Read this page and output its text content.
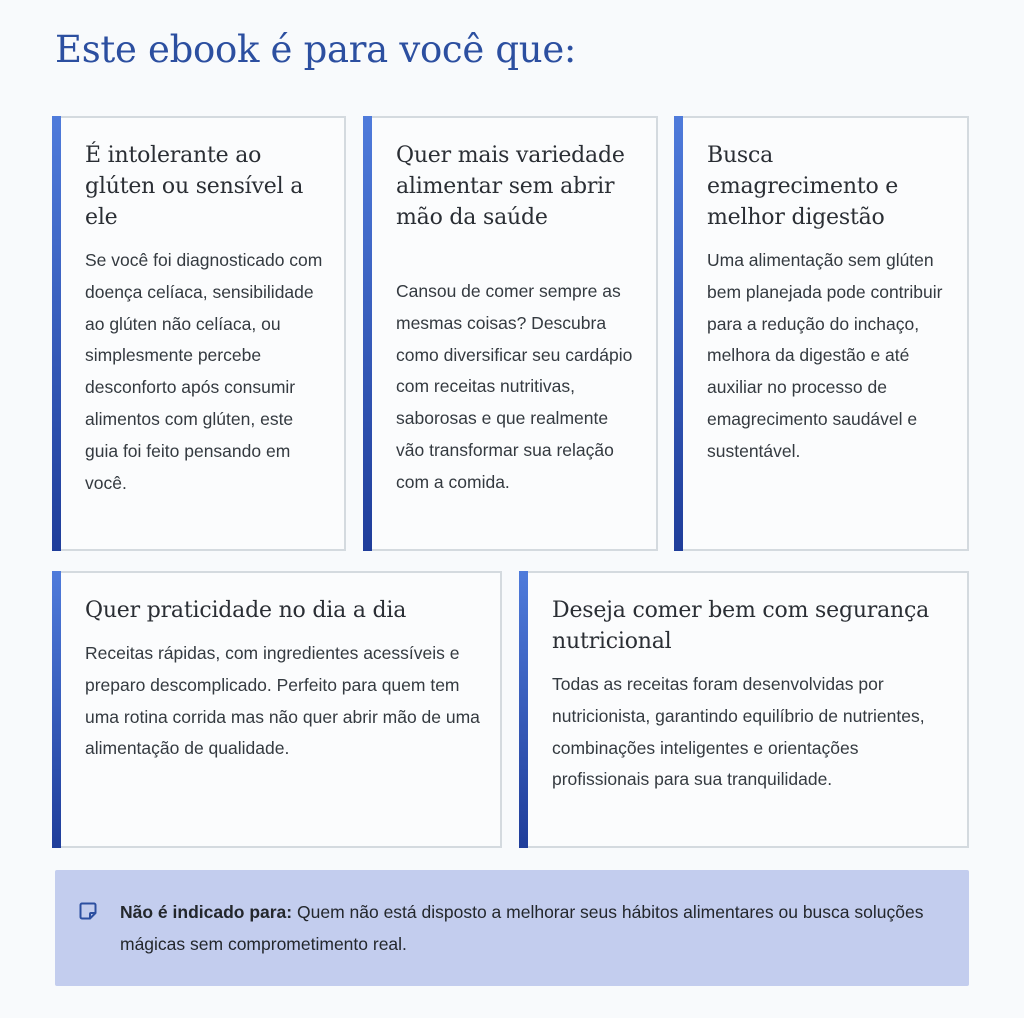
Este ebook é para você que:
É intolerante ao glúten ou sensível a ele

Se você foi diagnosticado com doença celíaca, sensibilidade ao glúten não celíaca, ou simplesmente percebe desconforto após consumir alimentos com glúten, este guia foi feito pensando em você.

Quer mais variedade alimentar sem abrir mão da saúde

Cansou de comer sempre as mesmas coisas? Descubra como diversificar seu cardápio com receitas nutritivas, saborosas e que realmente vão transformar sua relação com a comida.

Busca emagrecimento e melhor digestão

Uma alimentação sem glúten bem planejada pode contribuir para a redução do inchaço, melhora da digestão e até auxiliar no processo de emagrecimento saudável e sustentável.

Quer praticidade no dia a dia

Receitas rápidas, com ingredientes acessíveis e preparo descomplicado. Perfeito para quem tem uma rotina corrida mas não quer abrir mão de uma alimentação de qualidade.

Deseja comer bem com segurança nutricional

Todas as receitas foram desenvolvidas por nutricionista, garantindo equilíbrio de nutrientes, combinações inteligentes e orientações profissionais para sua tranquilidade.

Não é indicado para: Quem não está disposto a melhorar seus hábitos alimentares ou busca soluções mágicas sem comprometimento real.
